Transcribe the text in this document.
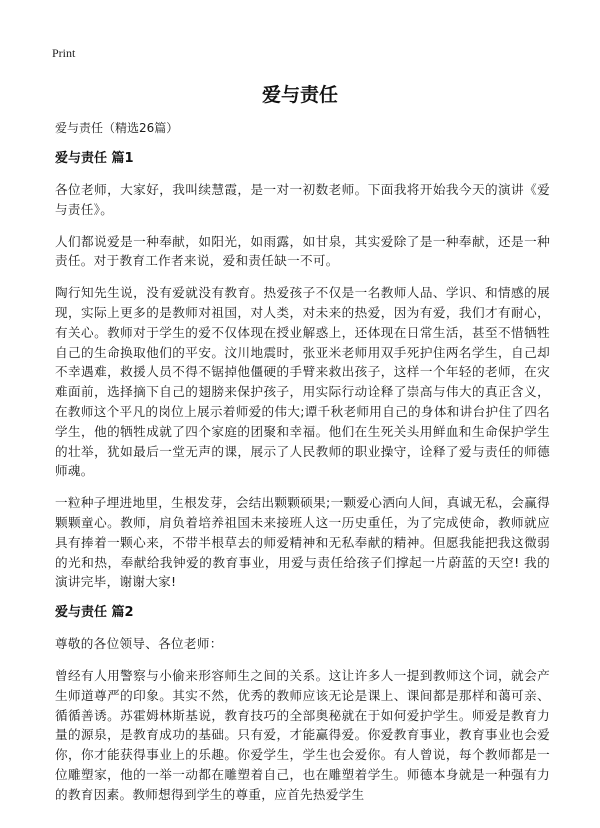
Print
爱与责任
爱与责任（精选26篇）
爱与责任 篇1

各位老师，大家好，我叫续慧霞，是一对一初数老师。下面我将开始我今天的演讲《爱与责任》。

人们都说爱是一种奉献，如阳光，如雨露，如甘泉，其实爱除了是一种奉献，还是一种责任。对于教育工作者来说，爱和责任缺一不可。

陶行知先生说，没有爱就没有教育。热爱孩子不仅是一名教师人品、学识、和情感的展现，实际上更多的是教师对祖国，对人类，对未来的热爱，因为有爱，我们才有耐心，有关心。教师对于学生的爱不仅体现在授业解惑上，还体现在日常生活，甚至不惜牺牲自己的生命换取他们的平安。汶川地震时，张亚米老师用双手死护住两名学生，自己却不幸遇难，救援人员不得不锯掉他僵硬的手臂来救出孩子，这样一个年轻的老师，在灾难面前，选择摘下自己的翅膀来保护孩子，用实际行动诠释了崇高与伟大的真正含义，在教师这个平凡的岗位上展示着师爱的伟大;谭千秋老师用自己的身体和讲台护住了四名学生，他的牺牲成就了四个家庭的团聚和幸福。他们在生死关头用鲜血和生命保护学生的壮举，犹如最后一堂无声的课，展示了人民教师的职业操守，诠释了爱与责任的师德师魂。

一粒种子埋进地里，生根发芽，会结出颗颗硕果;一颗爱心洒向人间，真诚无私，会赢得颗颗童心。教师，肩负着培养祖国未来接班人这一历史重任，为了完成使命，教师就应具有捧着一颗心来，不带半根草去的师爱精神和无私奉献的精神。但愿我能把我这微弱的光和热，奉献给我钟爱的教育事业，用爱与责任给孩子们撑起一片蔚蓝的天空! 我的演讲完毕，谢谢大家!

爱与责任 篇2

尊敬的各位领导、各位老师：

曾经有人用警察与小偷来形容师生之间的关系。这让许多人一提到教师这个词，就会产生师道尊严的印象。其实不然，优秀的教师应该无论是课上、课间都是那样和蔼可亲、循循善诱。苏霍姆林斯基说，教育技巧的全部奥秘就在于如何爱护学生。师爱是教育力量的源泉，是教育成功的基础。只有爱，才能赢得爱。你爱教育事业，教育事业也会爱你，你才能获得事业上的乐趣。你爱学生，学生也会爱你。有人曾说，每个教师都是一位雕塑家，他的一举一动都在雕塑着自己，也在雕塑着学生。师德本身就是一种强有力的教育因素。教师想得到学生的尊重，应首先热爱学生
